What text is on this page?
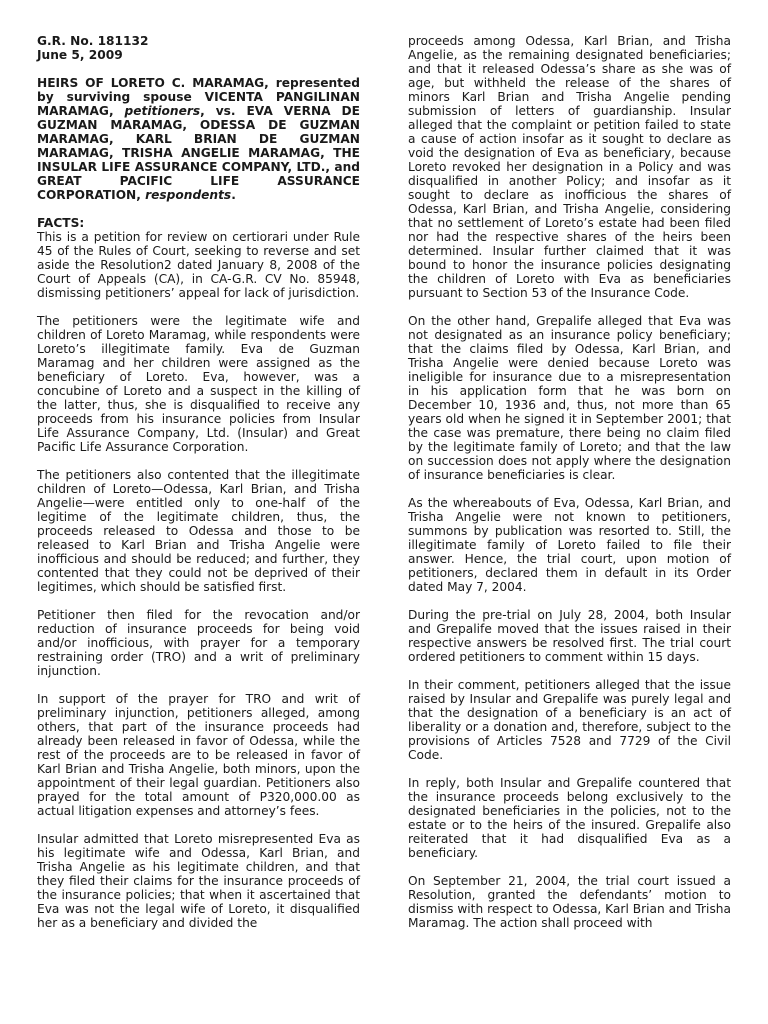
G.R. No. 181132
June 5, 2009

HEIRS OF LORETO C. MARAMAG, represented by surviving spouse VICENTA PANGILINAN MARAMAG, petitioners, vs. EVA VERNA DE GUZMAN MARAMAG, ODESSA DE GUZMAN MARAMAG, KARL BRIAN DE GUZMAN MARAMAG, TRISHA ANGELIE MARAMAG, THE INSULAR LIFE ASSURANCE COMPANY, LTD., and GREAT PACIFIC LIFE ASSURANCE CORPORATION, respondents.

FACTS:

This is a petition for review on certiorari under Rule 45 of the Rules of Court, seeking to reverse and set aside the Resolution2 dated January 8, 2008 of the Court of Appeals (CA), in CA-G.R. CV No. 85948, dismissing petitioners’ appeal for lack of jurisdiction.

The petitioners were the legitimate wife and children of Loreto Maramag, while respondents were Loreto’s illegitimate family. Eva de Guzman Maramag and her children were assigned as the beneficiary of Loreto. Eva, however, was a concubine of Loreto and a suspect in the killing of the latter, thus, she is disqualified to receive any proceeds from his insurance policies from Insular Life Assurance Company, Ltd. (Insular) and Great Pacific Life Assurance Corporation.

The petitioners also contented that the illegitimate children of Loreto—Odessa, Karl Brian, and Trisha Angelie—were entitled only to one-half of the legitime of the legitimate children, thus, the proceeds released to Odessa and those to be released to Karl Brian and Trisha Angelie were inofficious and should be reduced; and further, they contented that they could not be deprived of their legitimes, which should be satisfied first.

Petitioner then filed for the revocation and/or reduction of insurance proceeds for being void and/or inofficious, with prayer for a temporary restraining order (TRO) and a writ of preliminary injunction.

In support of the prayer for TRO and writ of preliminary injunction, petitioners alleged, among others, that part of the insurance proceeds had already been released in favor of Odessa, while the rest of the proceeds are to be released in favor of Karl Brian and Trisha Angelie, both minors, upon the appointment of their legal guardian. Petitioners also prayed for the total amount of P320,000.00 as actual litigation expenses and attorney’s fees.

Insular admitted that Loreto misrepresented Eva as his legitimate wife and Odessa, Karl Brian, and Trisha Angelie as his legitimate children, and that they filed their claims for the insurance proceeds of the insurance policies; that when it ascertained that Eva was not the legal wife of Loreto, it disqualified her as a beneficiary and divided the

proceeds among Odessa, Karl Brian, and Trisha Angelie, as the remaining designated beneficiaries; and that it released Odessa’s share as she was of age, but withheld the release of the shares of minors Karl Brian and Trisha Angelie pending submission of letters of guardianship. Insular alleged that the complaint or petition failed to state a cause of action insofar as it sought to declare as void the designation of Eva as beneficiary, because Loreto revoked her designation in a Policy and was disqualified in another Policy; and insofar as it sought to declare as inofficious the shares of Odessa, Karl Brian, and Trisha Angelie, considering that no settlement of Loreto’s estate had been filed nor had the respective shares of the heirs been determined. Insular further claimed that it was bound to honor the insurance policies designating the children of Loreto with Eva as beneficiaries pursuant to Section 53 of the Insurance Code.

On the other hand, Grepalife alleged that Eva was not designated as an insurance policy beneficiary; that the claims filed by Odessa, Karl Brian, and Trisha Angelie were denied because Loreto was ineligible for insurance due to a misrepresentation in his application form that he was born on December 10, 1936 and, thus, not more than 65 years old when he signed it in September 2001; that the case was premature, there being no claim filed by the legitimate family of Loreto; and that the law on succession does not apply where the designation of insurance beneficiaries is clear.

As the whereabouts of Eva, Odessa, Karl Brian, and Trisha Angelie were not known to petitioners, summons by publication was resorted to. Still, the illegitimate family of Loreto failed to file their answer. Hence, the trial court, upon motion of petitioners, declared them in default in its Order dated May 7, 2004.

During the pre-trial on July 28, 2004, both Insular and Grepalife moved that the issues raised in their respective answers be resolved first. The trial court ordered petitioners to comment within 15 days.

In their comment, petitioners alleged that the issue raised by Insular and Grepalife was purely legal and that the designation of a beneficiary is an act of liberality or a donation and, therefore, subject to the provisions of Articles 7528 and 7729 of the Civil Code.

In reply, both Insular and Grepalife countered that the insurance proceeds belong exclusively to the designated beneficiaries in the policies, not to the estate or to the heirs of the insured. Grepalife also reiterated that it had disqualified Eva as a beneficiary.

On September 21, 2004, the trial court issued a Resolution, granted the defendants’ motion to dismiss with respect to Odessa, Karl Brian and Trisha Maramag. The action shall proceed with
